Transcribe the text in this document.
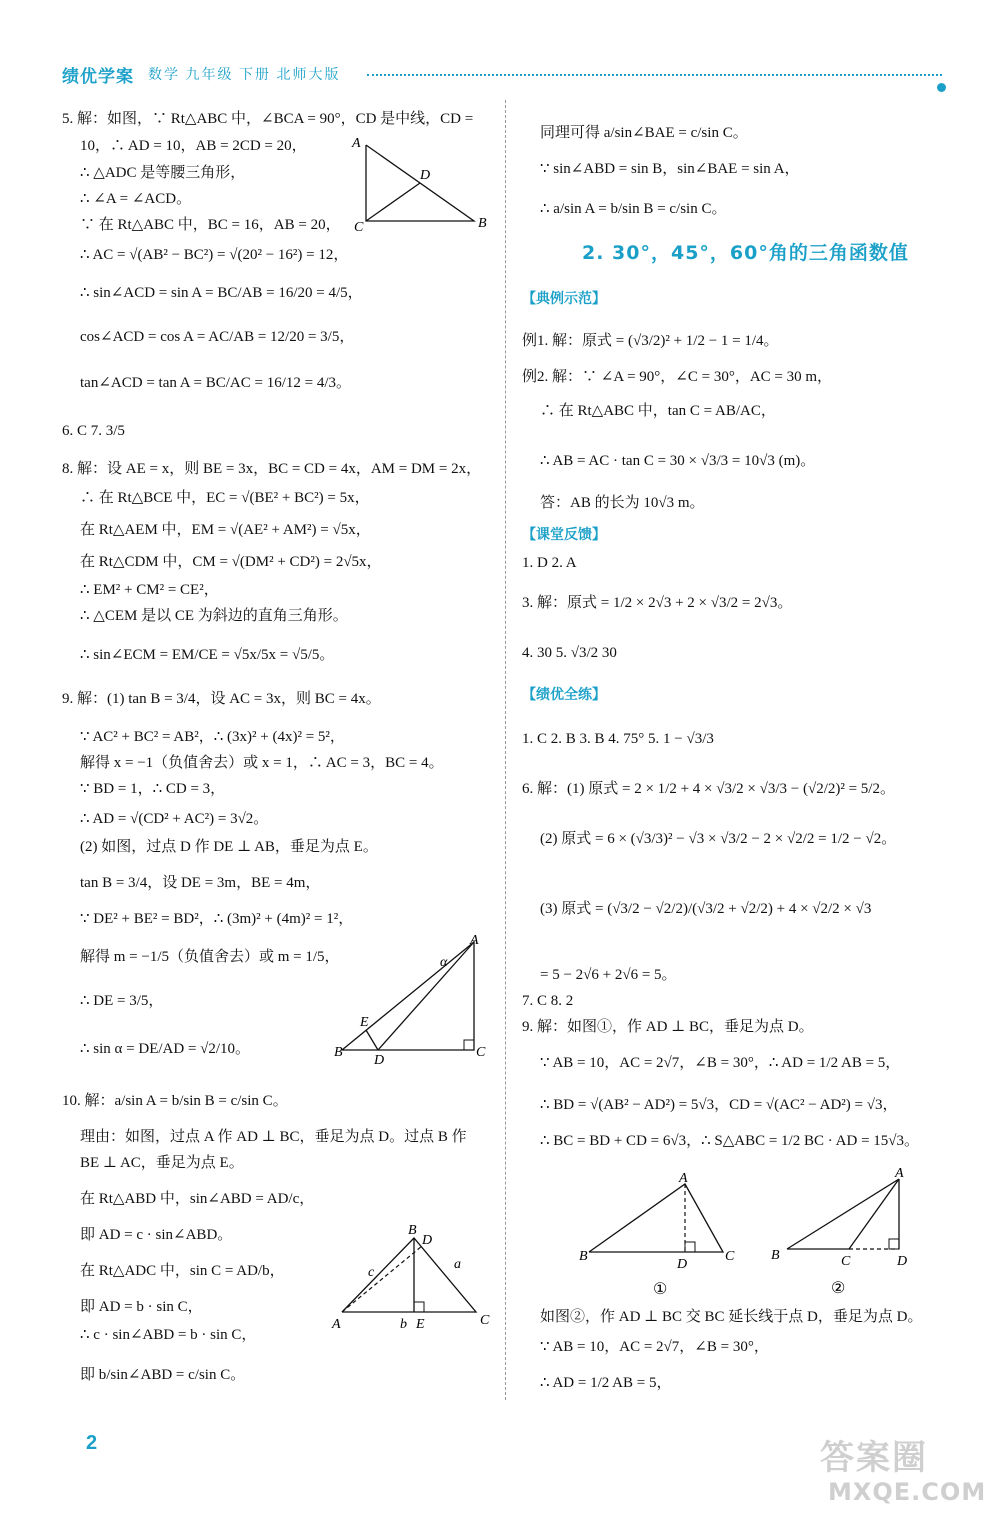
绩优学案 数学 九年级 下册 北师大版
5. 解：如图，∵ Rt△ABC 中，∠BCA = 90°，CD 是中线，CD =
10，∴ AD = 10，AB = 2CD = 20，
∴ △ADC 是等腰三角形，
∴ ∠A = ∠ACD。
∵ 在 Rt△ABC 中，BC = 16，AB = 20，
∴ AC = √(AB² − BC²) = √(20² − 16²) = 12，
∴ sin∠ACD = sin A = BC/AB = 16/20 = 4/5，
cos∠ACD = cos A = AC/AB = 12/20 = 3/5，
tan∠ACD = tan A = BC/AC = 16/12 = 4/3。
6. C 7. 3/5
8. 解：设 AE = x，则 BE = 3x，BC = CD = 4x，AM = DM = 2x，
∴ 在 Rt△BCE 中，EC = √(BE² + BC²) = 5x，
在 Rt△AEM 中，EM = √(AE² + AM²) = √5x，
在 Rt△CDM 中，CM = √(DM² + CD²) = 2√5x，
∴ EM² + CM² = CE²，
∴ △CEM 是以 CE 为斜边的直角三角形。
∴ sin∠ECM = EM/CE = √5x/5x = √5/5。
9. 解：(1) tan B = 3/4，设 AC = 3x，则 BC = 4x。
∵ AC² + BC² = AB²，∴ (3x)² + (4x)² = 5²，
解得 x = −1（负值舍去）或 x = 1，∴ AC = 3，BC = 4。
∵ BD = 1，∴ CD = 3，
∴ AD = √(CD² + AC²) = 3√2。
(2) 如图，过点 D 作 DE ⊥ AB，垂足为点 E。
tan B = 3/4，设 DE = 3m，BE = 4m，
∵ DE² + BE² = BD²，∴ (3m)² + (4m)² = 1²，
解得 m = −1/5（负值舍去）或 m = 1/5，
∴ DE = 3/5，
∴ sin α = DE/AD = √2/10。
10. 解：a/sin A = b/sin B = c/sin C。
理由：如图，过点 A 作 AD ⊥ BC，垂足为点 D。过点 B 作
BE ⊥ AC，垂足为点 E。
在 Rt△ABD 中，sin∠ABD = AD/c，
即 AD = c · sin∠ABD。
在 Rt△ADC 中，sin C = AD/b，
即 AD = b · sin C，
∴ c · sin∠ABD = b · sin C，
即 b/sin∠ABD = c/sin C。
A
B
C
D
B	C
D
E
A
α
A
B
C
D
E
a
b
c
同理可得 a/sin∠BAE = c/sin C。
∵ sin∠ABD = sin B，sin∠BAE = sin A，
∴ a/sin A = b/sin B = c/sin C。
2. 30°，45°，60°角的三角函数值
【典例示范】
例1. 解：原式 = (√3/2)² + 1/2 − 1 = 1/4。
例2. 解：∵ ∠A = 90°，∠C = 30°，AC = 30 m，
∴ 在 Rt△ABC 中，tan C = AB/AC，
∴ AB = AC · tan C = 30 × √3/3 = 10√3 (m)。
答：AB 的长为 10√3 m。
【课堂反馈】
1. D 2. A
3. 解：原式 = 1/2 × 2√3 + 2 × √3/2 = 2√3。
4. 30 5. √3/2 30
【绩优全练】
1. C 2. B 3. B 4. 75° 5. 1 − √3/3
6. 解：(1) 原式 = 2 × 1/2 + 4 × √3/2 × √3/3 − (√2/2)² = 5/2。
(2) 原式 = 6 × (√3/3)² − √3 × √3/2 − 2 × √2/2 = 1/2 − √2。
(3) 原式 = (√3/2 − √2/2)/(√3/2 + √2/2) + 4 × √2/2 × √3
= 5 − 2√6 + 2√6 = 5。
7. C 8. 2
9. 解：如图①，作 AD ⊥ BC，垂足为点 D。
∵ AB = 10，AC = 2√7，∠B = 30°，∴ AD = 1/2 AB = 5，
∴ BD = √(AB² − AD²) = 5√3，CD = √(AC² − AD²) = √3，
∴ BC = BD + CD = 6√3，∴ S△ABC = 1/2 BC · AD = 15√3。
如图②，作 AD ⊥ BC 交 BC 延长线于点 D，垂足为点 D。
∵ AB = 10，AC = 2√7，∠B = 30°，
∴ AD = 1/2 AB = 5，
A
B	C
D
①
A
B	C	D
②
2	答案圈
MXQE.COM
